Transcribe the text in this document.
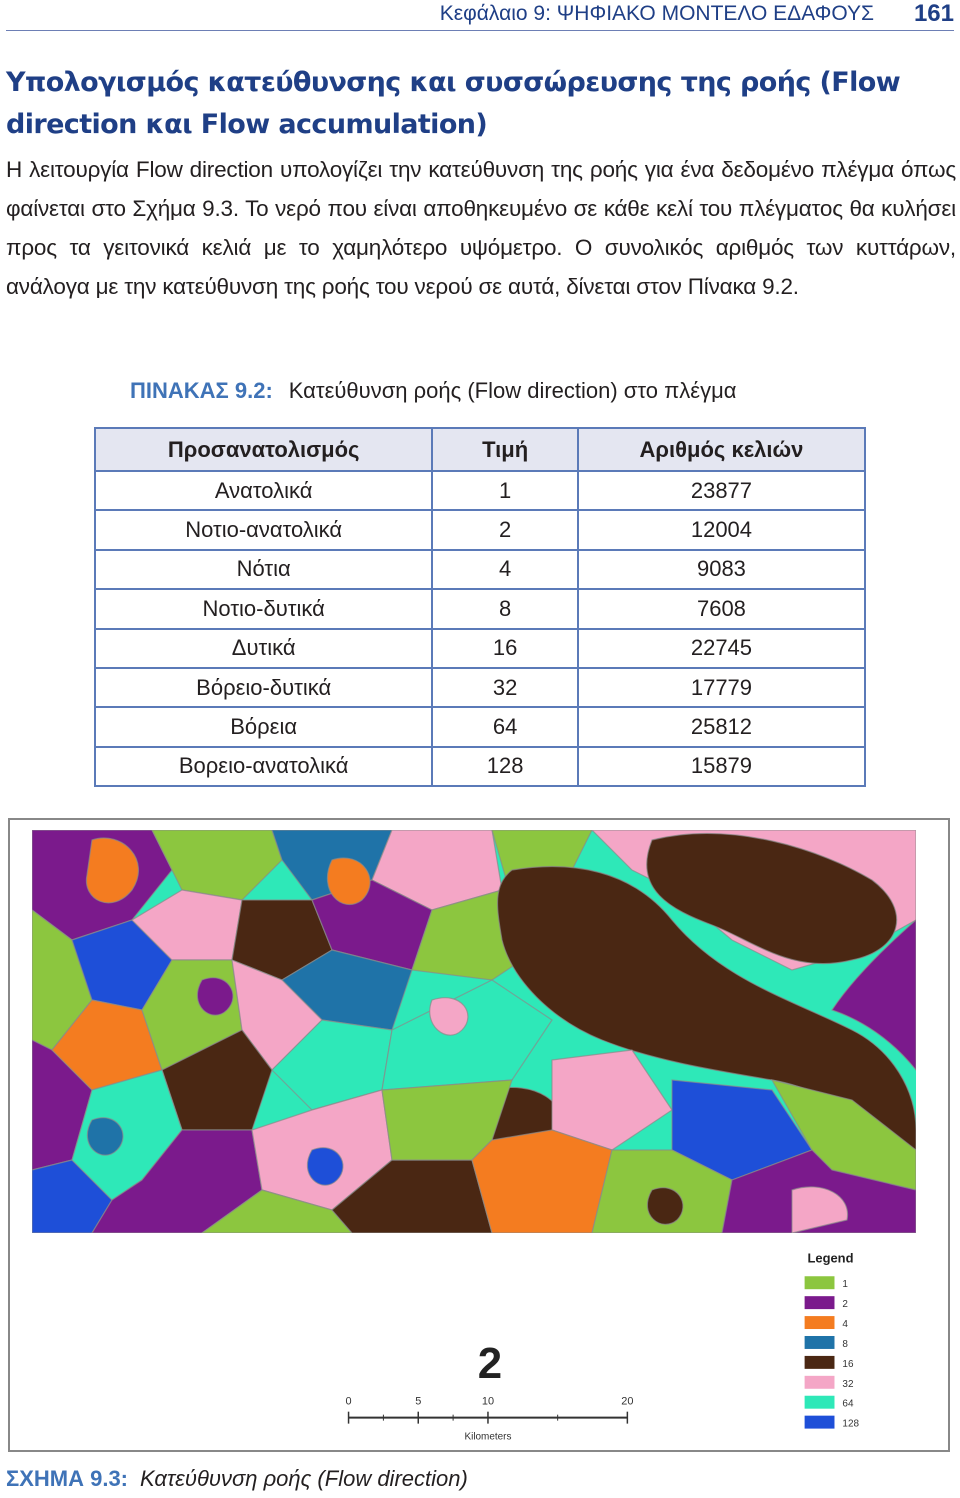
Κεφάλαιο 9: ΨΗΦΙΑΚΟ ΜΟΝΤΕΛΟ ΕΔΑΦΟΥΣ 161
Υπολογισμός κατεύθυνσης και συσσώρευσης της ροής (Flow direction και Flow accumulation)

Η λειτουργία Flow direction υπολογίζει την κατεύθυνση της ροής για ένα δεδομένο πλέγμα όπως φαίνεται στο Σχήμα 9.3. Το νερό που είναι αποθηκευμένο σε κάθε κελί του πλέγματος θα κυλήσει προς τα γειτονικά κελιά με το χαμηλότερο υψόμετρο. Ο συνολικός αριθμός των κυττάρων, ανάλογα με την κατεύθυνση της ροής του νερού σε αυτά, δίνεται στον Πίνακα 9.2.

ΠΙΝΑΚΑΣ 9.2: Κατεύθυνση ροής (Flow direction) στο πλέγμα
Προσανατολισμός	Τιμή	Αριθμός κελιών
Ανατολικά	1	23877
Νοτιο-ανατολικά	2	12004
Νότια	4	9083
Νοτιο-δυτικά	8	7608
Δυτικά	16	22745
Βόρειο-δυτικά	32	17779
Βόρεια	64	25812
Βορειο-ανατολικά	128	15879
2
0	5	10	20
Kilometers
Legend
1
2
4
8
16
32
64
128
ΣΧΗΜΑ 9.3: Κατεύθυνση ροής (Flow direction)
